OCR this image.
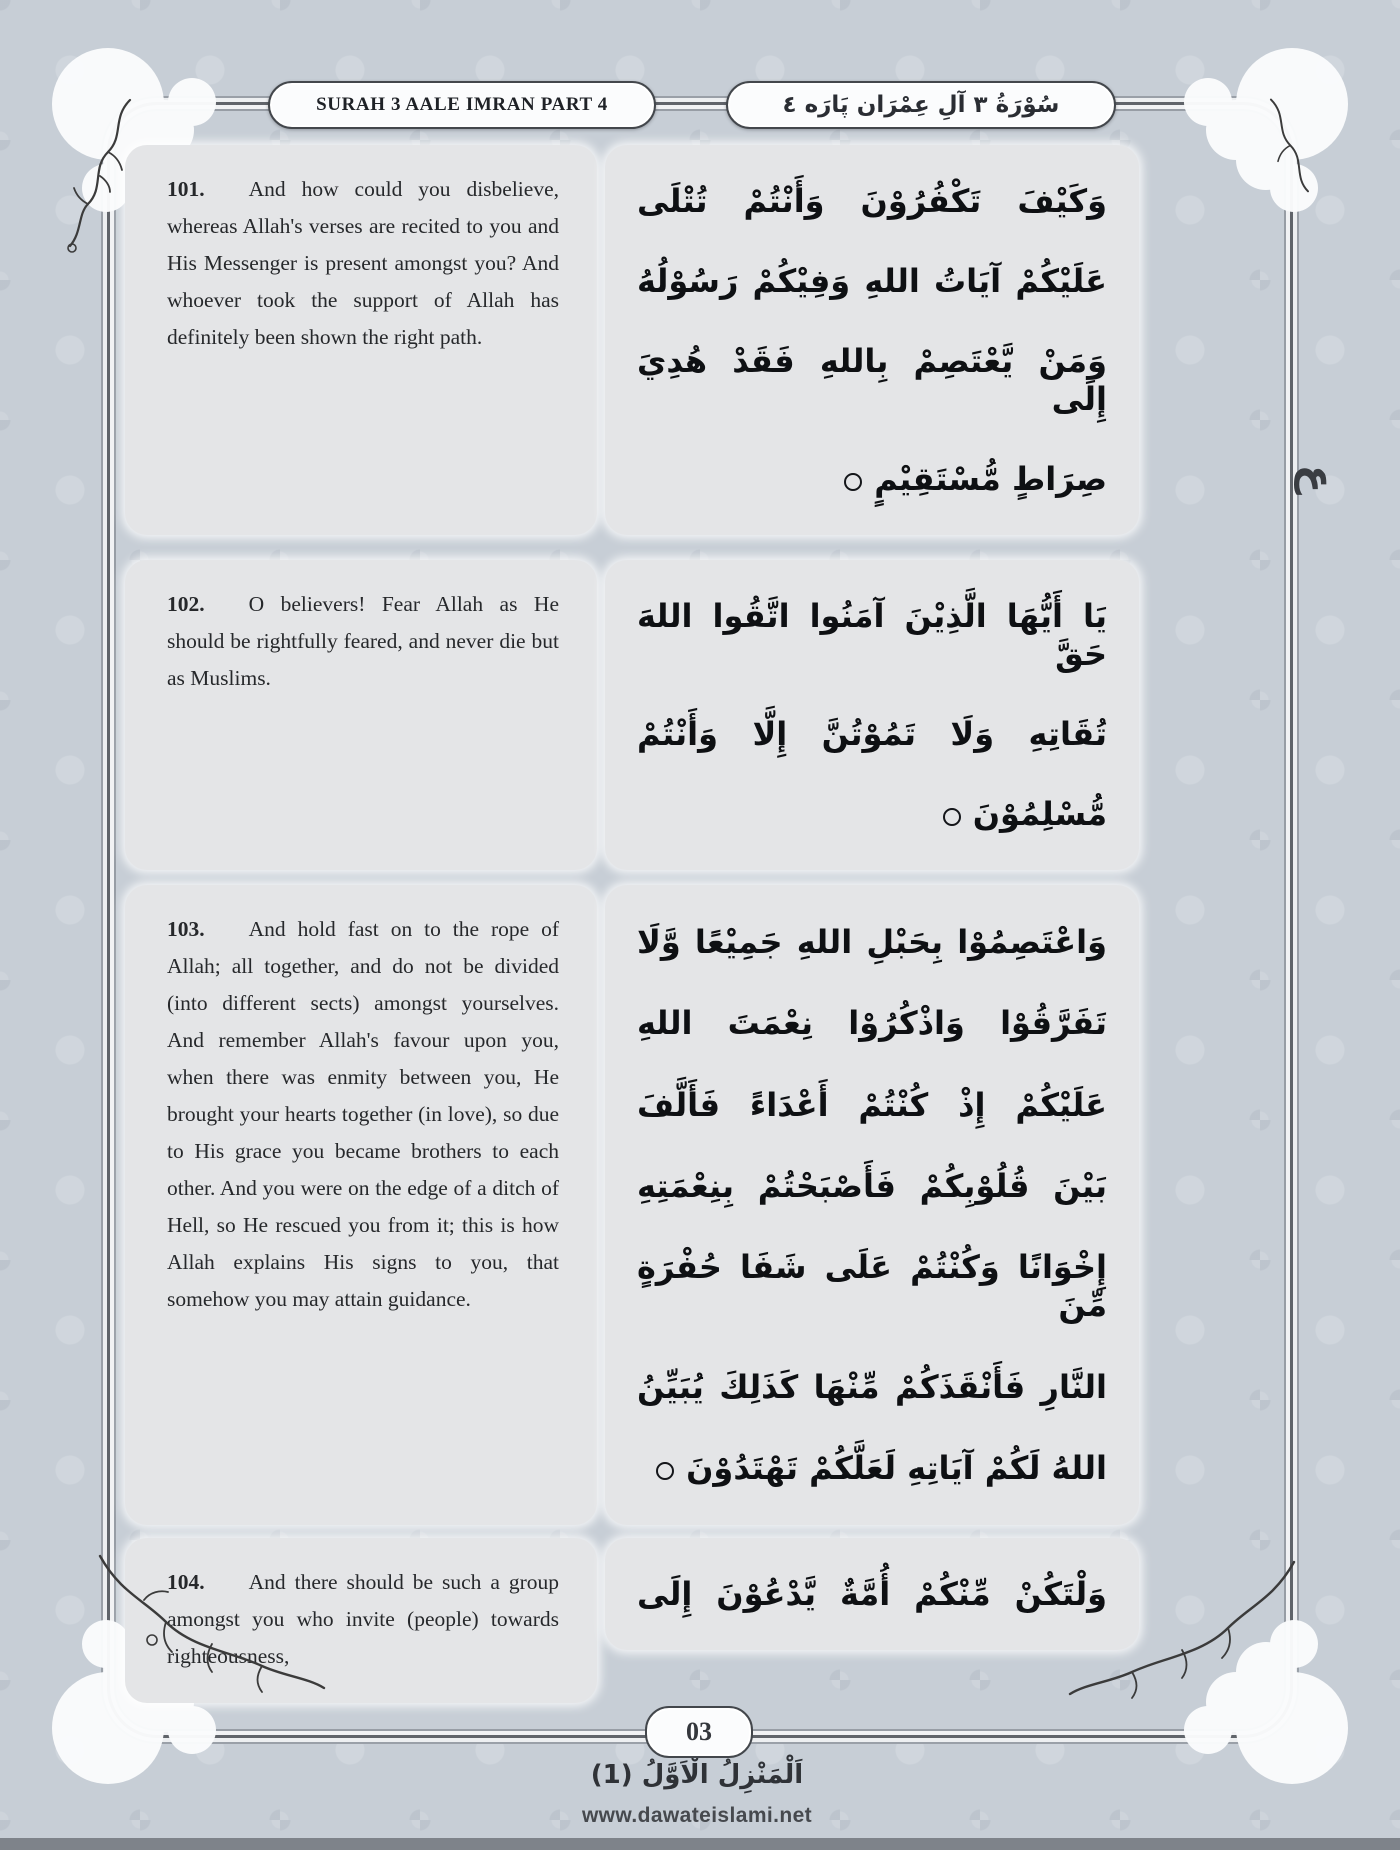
SURAH 3 AALE IMRAN PART 4	سُوْرَةُ ٣ آلِ عِمْرَان پَارَه ٤

101. And how could you disbelieve, whereas Allah's verses are recited to you and His Messenger is present amongst you? And whoever took the support of Allah has definitely been shown the right path.

وَكَيْفَ تَكْفُرُوْنَ وَأَنْتُمْ تُتْلَى
عَلَيْكُمْ آيَاتُ اللهِ وَفِيْكُمْ رَسُوْلُهُ
وَمَنْ يَّعْتَصِمْ بِاللهِ فَقَدْ هُدِيَ إِلَى
صِرَاطٍ مُّسْتَقِيْمٍ

102. O believers! Fear Allah as He should be rightfully feared, and never die but as Muslims.

يَا أَيُّهَا الَّذِيْنَ آمَنُوا اتَّقُوا اللهَ حَقَّ
تُقَاتِهِ وَلَا تَمُوْتُنَّ إِلَّا وَأَنْتُمْ
مُّسْلِمُوْنَ

103. And hold fast on to the rope of Allah; all together, and do not be divided (into different sects) amongst yourselves. And remember Allah's favour upon you, when there was enmity between you, He brought your hearts together (in love), so due to His grace you became brothers to each other. And you were on the edge of a ditch of Hell, so He rescued you from it; this is how Allah explains His signs to you, that somehow you may attain guidance.

وَاعْتَصِمُوْا بِحَبْلِ اللهِ جَمِيْعًا وَّلَا
تَفَرَّقُوْا وَاذْكُرُوْا نِعْمَتَ اللهِ
عَلَيْكُمْ إِذْ كُنْتُمْ أَعْدَاءً فَأَلَّفَ
بَيْنَ قُلُوْبِكُمْ فَأَصْبَحْتُمْ بِنِعْمَتِهِ
إِخْوَانًا وَكُنْتُمْ عَلَى شَفَا حُفْرَةٍ مِّنَ
النَّارِ فَأَنْقَذَكُمْ مِّنْهَا كَذَلِكَ يُبَيِّنُ
اللهُ لَكُمْ آيَاتِهِ لَعَلَّكُمْ تَهْتَدُوْنَ

104. And there should be such a group amongst you who invite (people) towards righteousness,

وَلْتَكُنْ مِّنْكُمْ أُمَّةٌ يَّدْعُوْنَ إِلَى
ع
03
اَلْمَنْزِلُ الْاَوَّلُ (1)
www.dawateislami.net
